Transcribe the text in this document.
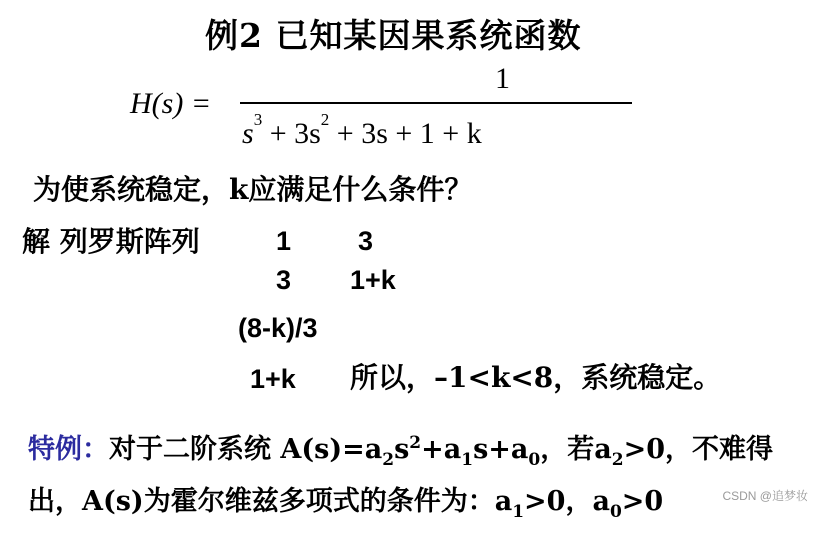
例2 已知某因果系统函数
H(s) =
1
$s^3 + 3s^2 + 3s + 1 + k$
为使系统稳定，k应满足什么条件？
解 列罗斯阵列	1 3
3 1+k
(8-k)/3
1+k 所以，–1<k<8，系统稳定。
特例：对于二阶系统 $A(s)=a_2s^2+a_1s+a_0$，若$a_2>0$，不难得
出，A(s)为霍尔维兹多项式的条件为：$a_1>0$，$a_0>0$	CSDN @追梦妆
